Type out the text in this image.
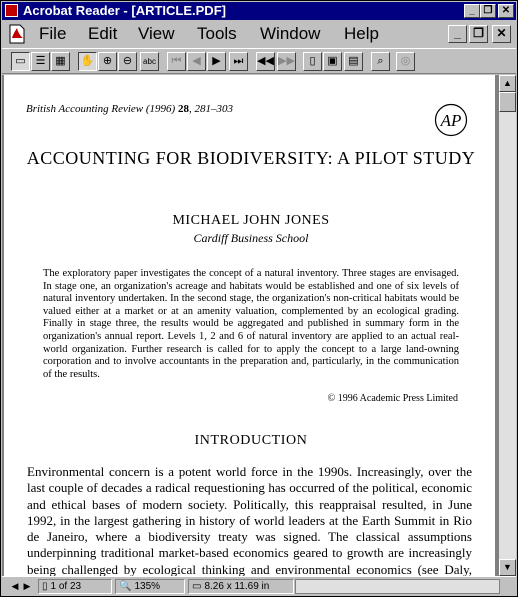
Acrobat Reader - [ARTICLE.PDF]	_ ❐ ✕
File Edit View Tools Window Help	_	❐	✕
▭ ☰ ▦	✋ ⊕ ⊖	abc	⏮ ◀	▶	⏭	◀◀ ▶▶	▯	▣ ▤	⌕	◎
British Accounting Review (1996) 28, 281–303
AP
ACCOUNTING FOR BIODIVERSITY: A PILOT STUDY
MICHAEL JOHN JONES
Cardiff Business School
The exploratory paper investigates the concept of a natural inventory. Three stages are envisaged. In stage one, an organization's acreage and habitats would be established and one of six levels of natural inventory undertaken. In the second stage, the organization's non-critical habitats would be valued either at a market or at an amenity valuation, complemented by an ecological grading. Finally in stage three, the results would be aggregated and published in summary form in the organization's annual report. Levels 1, 2 and 6 of natural inventory are applied to an actual real-world organization. Further research is called for to apply the concept to a large land-owning corporation and to involve accountants in the preparation and, particularly, in the communication of the results.
© 1996 Academic Press Limited
INTRODUCTION
Environmental concern is a potent world force in the 1990s. Increasingly, over the last couple of decades a radical requestioning has occurred of the political, economic and ethical bases of modern society. Politically, this reappraisal resulted, in June 1992, in the largest gathering in history of world leaders at the Earth Summit in Rio de Janeiro, where a biodiversity treaty was signed. The classical assumptions underpinning traditional market-based economics geared to growth are increasingly being challenged by ecological thinking and environmental economics (see Daly,
▲
▼
◀ ▶	▯ 1 of 23	🔍 135%	▭ 8.26 x 11.69 in
